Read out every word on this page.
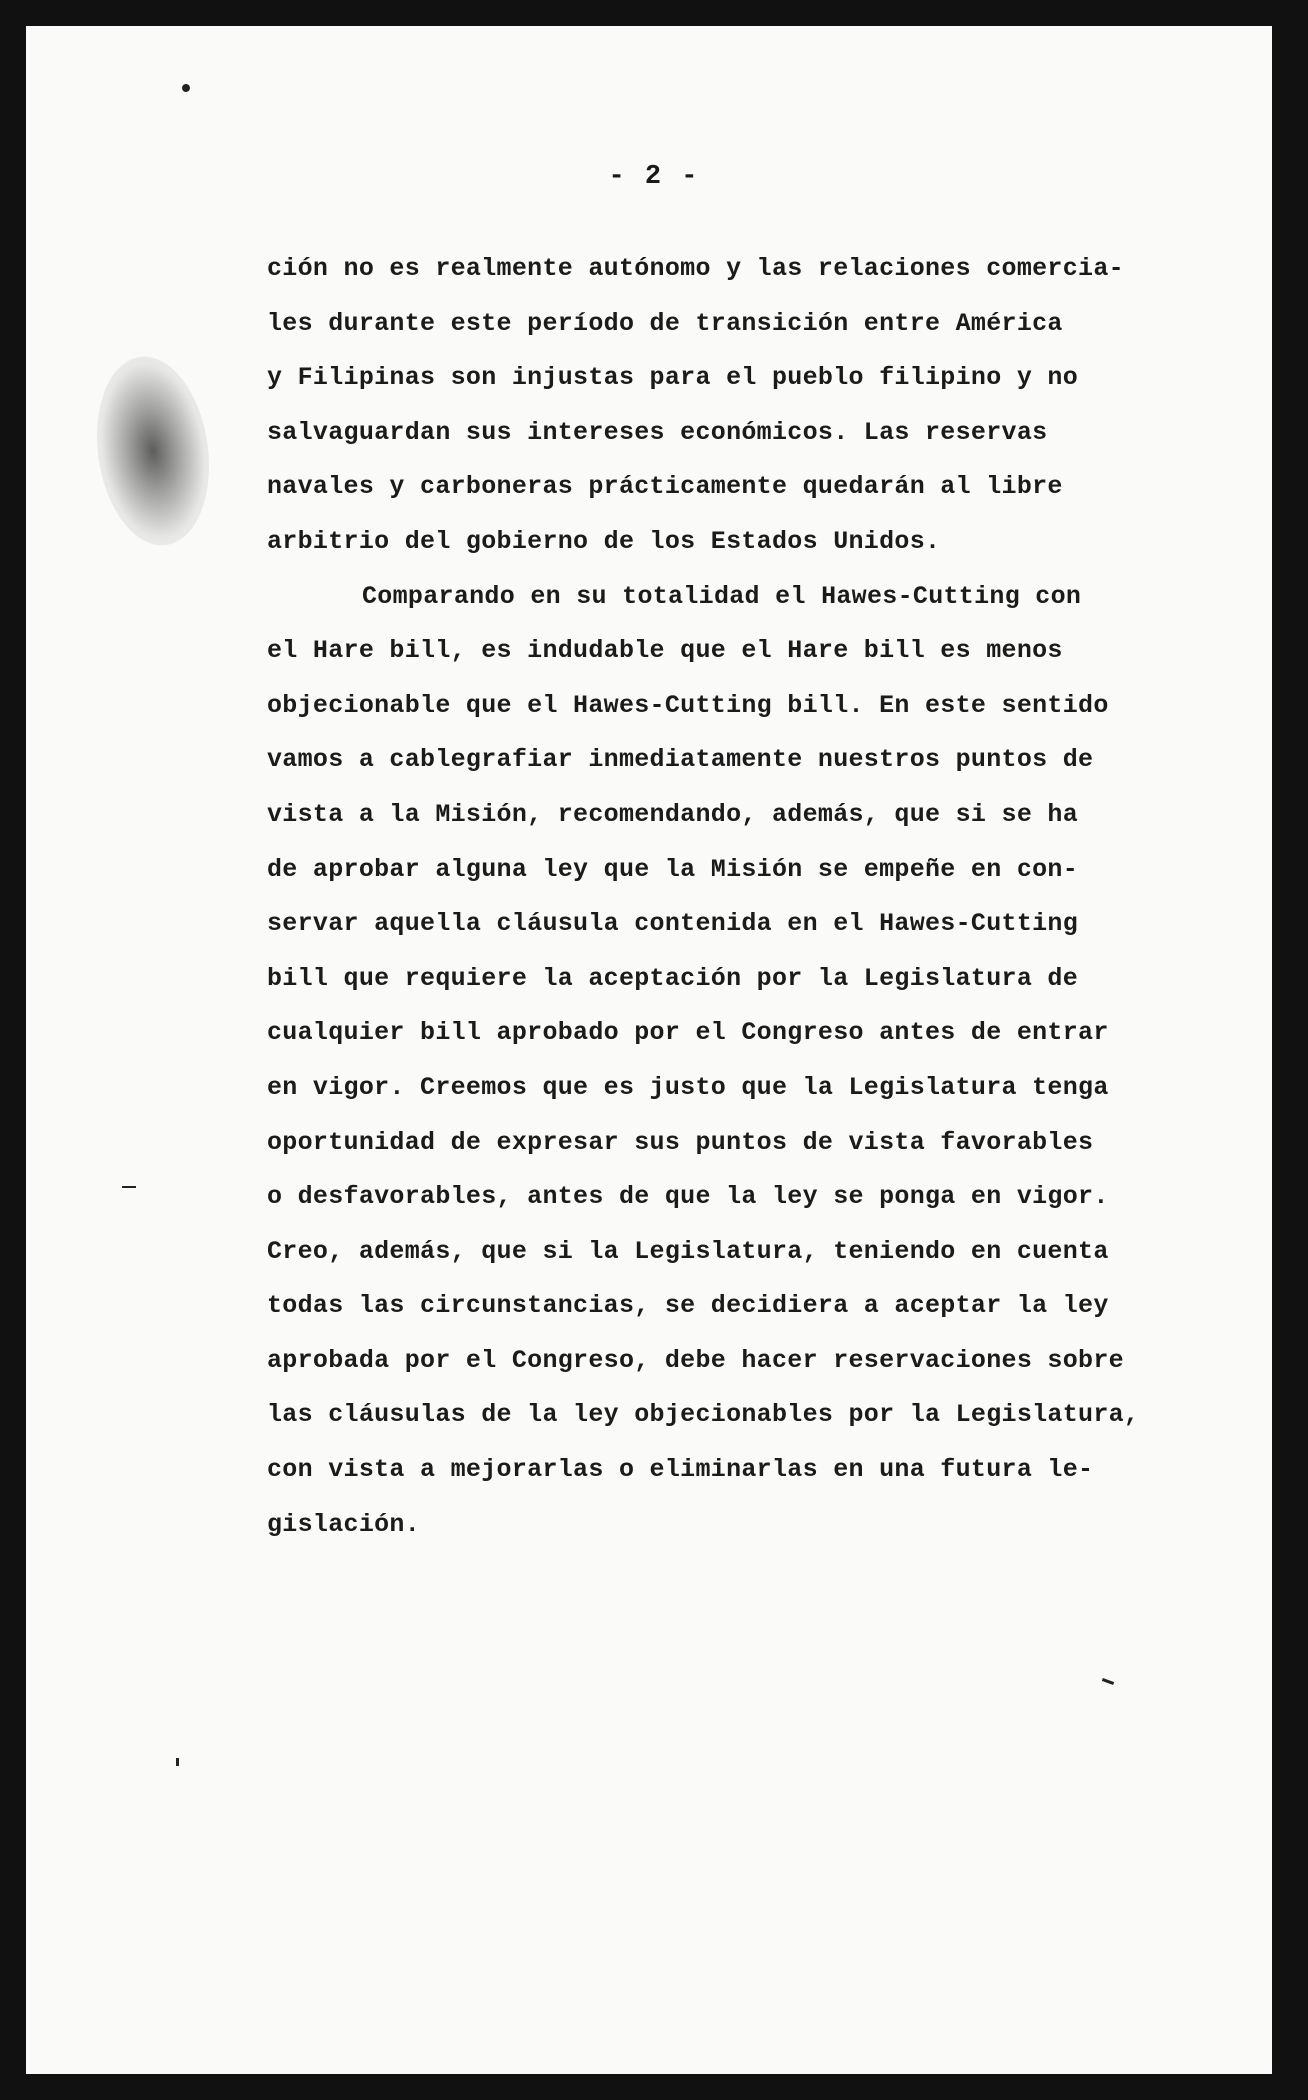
- 2 -
ción no es realmente autónomo y las relaciones comercia-
les durante este período de transición entre América
y Filipinas son injustas para el pueblo filipino y no
salvaguardan sus intereses económicos. Las reservas
navales y carboneras prácticamente quedarán al libre
arbitrio del gobierno de los Estados Unidos.
Comparando en su totalidad el Hawes-Cutting con
el Hare bill, es indudable que el Hare bill es menos
objecionable que el Hawes-Cutting bill. En este sentido
vamos a cablegrafiar inmediatamente nuestros puntos de
vista a la Misión, recomendando, además, que si se ha
de aprobar alguna ley que la Misión se empeñe en con-
servar aquella cláusula contenida en el Hawes-Cutting
bill que requiere la aceptación por la Legislatura de
cualquier bill aprobado por el Congreso antes de entrar
en vigor. Creemos que es justo que la Legislatura tenga
oportunidad de expresar sus puntos de vista favorables
o desfavorables, antes de que la ley se ponga en vigor.
Creo, además, que si la Legislatura, teniendo en cuenta
todas las circunstancias, se decidiera a aceptar la ley
aprobada por el Congreso, debe hacer reservaciones sobre
las cláusulas de la ley objecionables por la Legislatura,
con vista a mejorarlas o eliminarlas en una futura le-
gislación.
